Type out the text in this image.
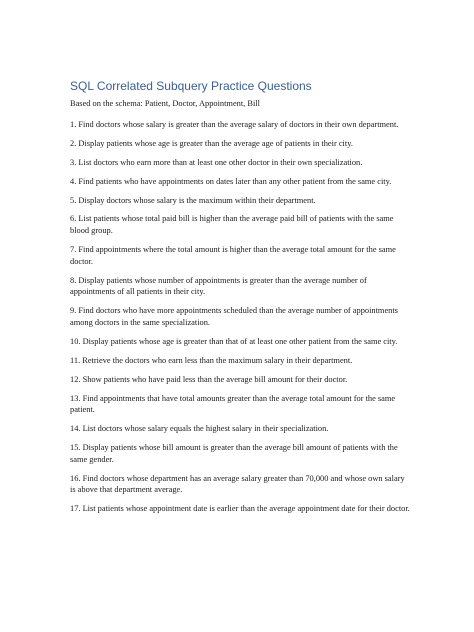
SQL Correlated Subquery Practice Questions
Based on the schema: Patient, Doctor, Appointment, Bill

1. Find doctors whose salary is greater than the average salary of doctors in their own department.

2. Display patients whose age is greater than the average age of patients in their city.

3. List doctors who earn more than at least one other doctor in their own specialization.

4. Find patients who have appointments on dates later than any other patient from the same city.

5. Display doctors whose salary is the maximum within their department.

6. List patients whose total paid bill is higher than the average paid bill of patients with the same blood group.

7. Find appointments where the total amount is higher than the average total amount for the same doctor.

8. Display patients whose number of appointments is greater than the average number of appointments of all patients in their city.

9. Find doctors who have more appointments scheduled than the average number of appointments among doctors in the same specialization.

10. Display patients whose age is greater than that of at least one other patient from the same city.

11. Retrieve the doctors who earn less than the maximum salary in their department.

12. Show patients who have paid less than the average bill amount for their doctor.

13. Find appointments that have total amounts greater than the average total amount for the same patient.

14. List doctors whose salary equals the highest salary in their specialization.

15. Display patients whose bill amount is greater than the average bill amount of patients with the same gender.

16. Find doctors whose department has an average salary greater than 70,000 and whose own salary is above that department average.

17. List patients whose appointment date is earlier than the average appointment date for their doctor.
